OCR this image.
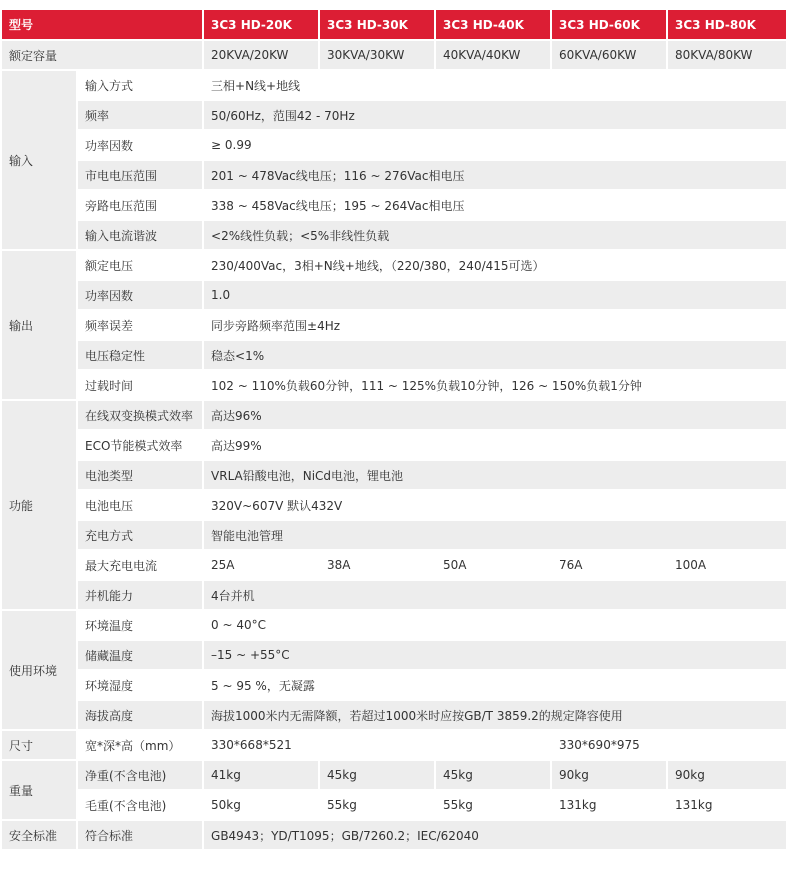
型号		3C3 HD-20K	3C3 HD-30K	3C3 HD-40K	3C3 HD-60K	3C3 HD-80K
额定容量		20KVA/20KW	30KVA/30KW	40KVA/40KW	60KVA/60KW	80KVA/80KW
输入	输入方式	三相+N线+地线				
	频率	50/60Hz，范围42 - 70Hz				
	功率因数	≥ 0.99				
	市电电压范围	201 ~ 478Vac线电压；116 ~ 276Vac相电压				
	旁路电压范围	338 ~ 458Vac线电压；195 ~ 264Vac相电压				
	输入电流谐波	<2%线性负载；<5%非线性负载				
输出	额定电压	230/400Vac，3相+N线+地线，（220/380，240/415可选）				
	功率因数	1.0				
	频率误差	同步旁路频率范围±4Hz				
	电压稳定性	稳态<1%				
	过载时间	102 ~ 110%负载60分钟，111 ~ 125%负载10分钟，126 ~ 150%负载1分钟				
功能	在线双变换模式效率	高达96%				
	ECO节能模式效率	高达99%				
	电池类型	VRLA铅酸电池，NiCd电池，锂电池				
	电池电压	320V~607V 默认432V				
	充电方式	智能电池管理				
	最大充电电流	25A	38A	50A	76A	100A
	并机能力	4台并机				
使用环境	环境温度	0 ~ 40°C				
	储藏温度	–15 ~ +55°C				
	环境湿度	5 ~ 95 %，无凝露				
	海拔高度	海拔1000米内无需降额，若超过1000米时应按GB/T 3859.2的规定降容使用				
尺寸	宽*深*高（mm）	330*668*521			330*690*975	
重量	净重(不含电池)	41kg	45kg	45kg	90kg	90kg
	毛重(不含电池)	50kg	55kg	55kg	131kg	131kg
安全标准	符合标准	GB4943；YD/T1095；GB/7260.2；IEC/62040				
